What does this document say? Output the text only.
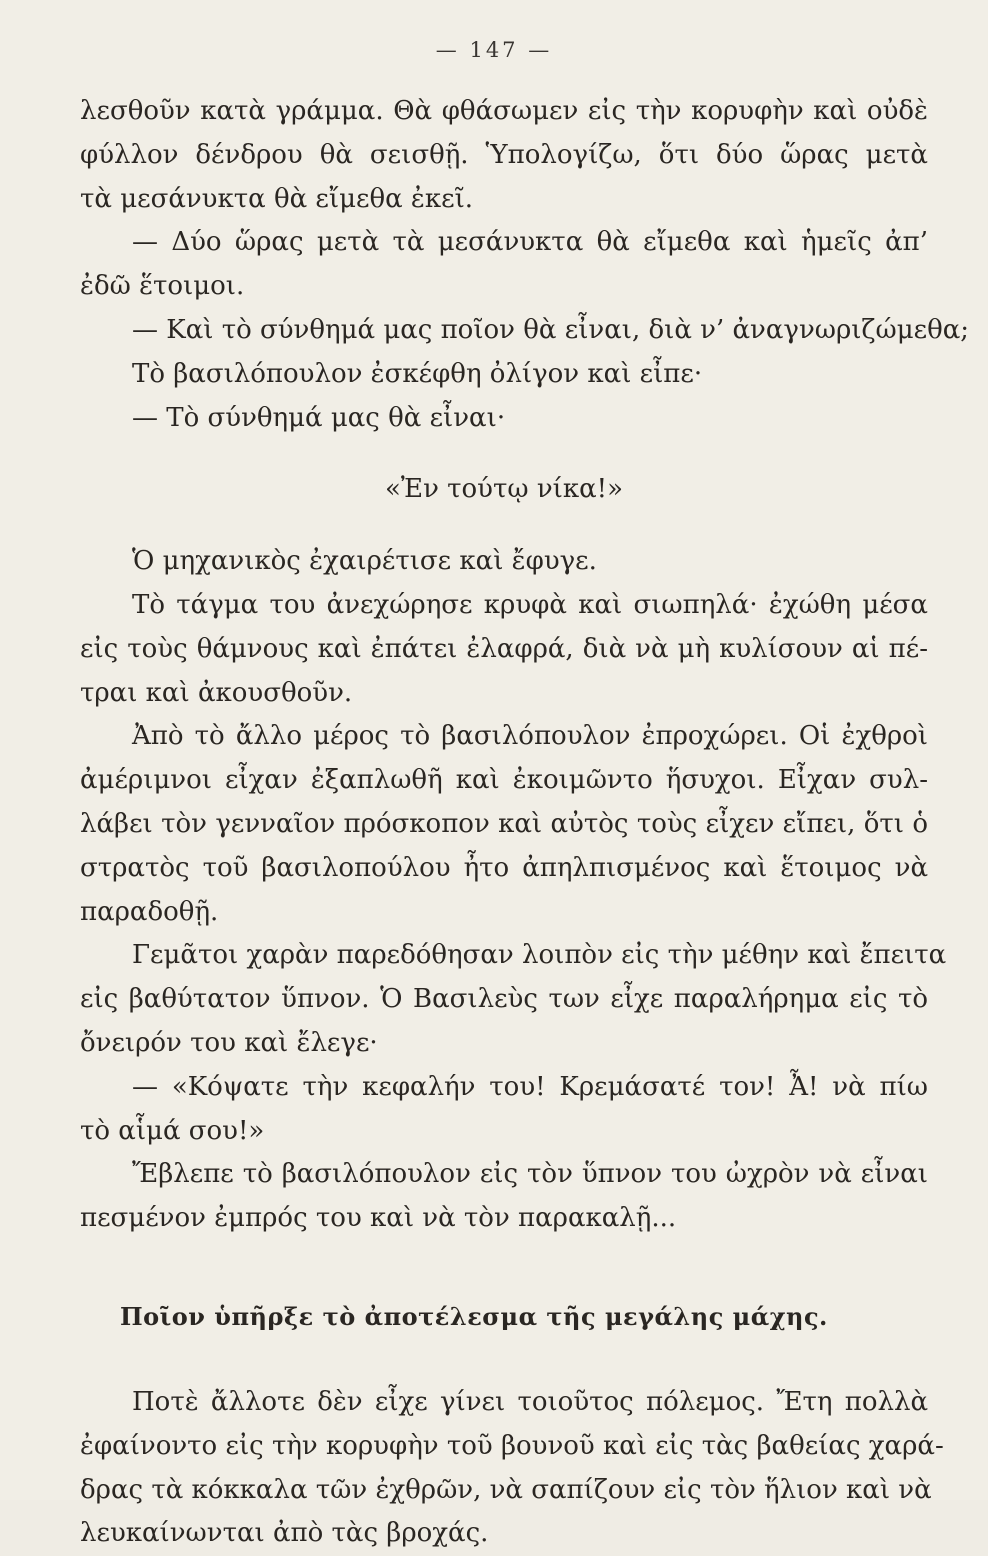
— 147 —
λεσθοῦν κατὰ γράμμα. Θὰ φθάσωμεν εἰς τὴν κορυφὴν καὶ οὐδὲ
φύλλον δένδρου θὰ σεισθῇ. Ὑπολογίζω, ὅτι δύο ὥρας μετὰ
τὰ μεσάνυκτα θὰ εἴμεθα ἐκεῖ.
— Δύο ὥρας μετὰ τὰ μεσάνυκτα θὰ εἴμεθα καὶ ἡμεῖς ἀπ’
ἐδῶ ἕτοιμοι.
— Καὶ τὸ σύνθημά μας ποῖον θὰ εἶναι, διὰ ν’ ἀναγνωριζώμεθα;
Τὸ βασιλόπουλον ἐσκέφθη ὀλίγον καὶ εἶπε·
— Τὸ σύνθημά μας θὰ εἶναι·
«Ἐν τούτῳ νίκα!»
Ὁ μηχανικὸς ἐχαιρέτισε καὶ ἔφυγε.
Τὸ τάγμα του ἀνεχώρησε κρυφὰ καὶ σιωπηλά· ἐχώθη μέσα
εἰς τοὺς θάμνους καὶ ἐπάτει ἐλαφρά, διὰ νὰ μὴ κυλίσουν αἱ πέ-
τραι καὶ ἀκουσθοῦν.
Ἀπὸ τὸ ἄλλο μέρος τὸ βασιλόπουλον ἐπροχώρει. Οἱ ἐχθροὶ
ἀμέριμνοι εἶχαν ἐξαπλωθῆ καὶ ἐκοιμῶντο ἥσυχοι. Εἶχαν συλ-
λάβει τὸν γενναῖον πρόσκοπον καὶ αὐτὸς τοὺς εἶχεν εἴπει, ὅτι ὁ
στρατὸς τοῦ βασιλοπούλου ἦτο ἀπηλπισμένος καὶ ἕτοιμος νὰ
παραδοθῇ.
Γεμᾶτοι χαρὰν παρεδόθησαν λοιπὸν εἰς τὴν μέθην καὶ ἔπειτα
εἰς βαθύτατον ὕπνον. Ὁ Βασιλεὺς των εἶχε παραλήρημα εἰς τὸ
ὄνειρόν του καὶ ἔλεγε·
— «Κόψατε τὴν κεφαλήν του! Κρεμάσατέ τον! Ἆ! νὰ πίω
τὸ αἷμά σου!»
Ἔβλεπε τὸ βασιλόπουλον εἰς τὸν ὕπνον του ὠχρὸν νὰ εἶναι
πεσμένον ἐμπρός του καὶ νὰ τὸν παρακαλῇ...
Ποῖον ὑπῆρξε τὸ ἀποτέλεσμα τῆς μεγάλης μάχης.
Ποτὲ ἄλλοτε δὲν εἶχε γίνει τοιοῦτος πόλεμος. Ἔτη πολλὰ
ἐφαίνοντο εἰς τὴν κορυφὴν τοῦ βουνοῦ καὶ εἰς τὰς βαθείας χαρά-
δρας τὰ κόκκαλα τῶν ἐχθρῶν, νὰ σαπίζουν εἰς τὸν ἥλιον καὶ νὰ
λευκαίνωνται ἀπὸ τὰς βροχάς.
